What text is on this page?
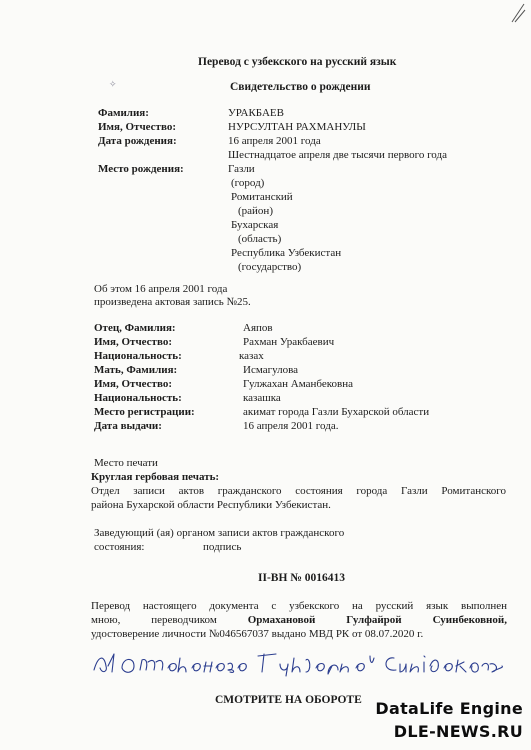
✧
Перевод с узбекского на русский язык
Свидетельство о рождении
Фамилия:	УРАКБАЕВ
Имя, Отчество:	НУРСУЛТАН РАХМАНУЛЫ
Дата рождения:	16 апреля 2001 года
Шестнадцатое апреля две тысячи первого года
Место рождения:	Газли
(город)
Ромитанский
(район)
Бухарская
(область)
Республика Узбекистан
(государство)
Об этом 16 апреля 2001 года
произведена актовая запись №25.
Отец, Фамилия:	Аяпов
Имя, Отчество:	Рахман Уракбаевич
Национальность:	казах
Мать, Фамилия:	Исмагулова
Имя, Отчество:	Гулжахан Аманбековна
Национальность:	казашка
Место регистрации:	акимат города Газли Бухарской области
Дата выдачи:	16 апреля 2001 года.
Место печати
Круглая гербовая печать:
Отдел записи актов гражданского состояния города Газли Ромитанского
района Бухарской области Республики Узбекистан.
Заведующий (ая) органом записи актов гражданского
состояния:	подпись
II-ВН № 0016413
Перевод настоящего документа с узбекского на русский язык выполнен
мною,	переводчиком	Ормахановой	Гулфайрой	Суинбековной,
удостоверение личности №046567037 выдано МВД РК от 08.07.2020 г.
СМОТРИТЕ НА ОБОРОТЕ DataLife Engine
DLE-NEWS.RU
